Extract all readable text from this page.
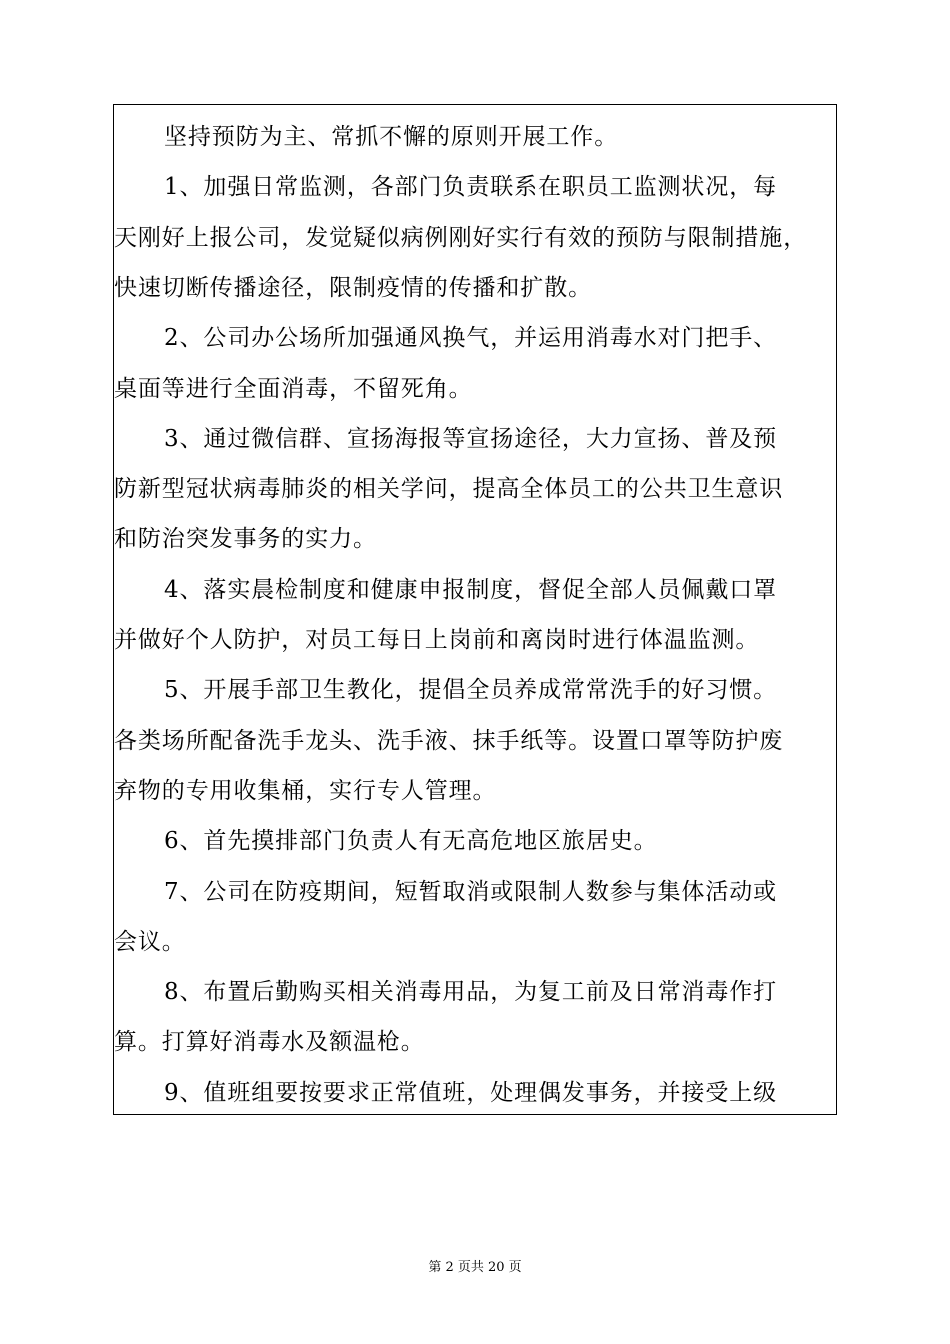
坚持预防为主、常抓不懈的原则开展工作。
1、加强日常监测，各部门负责联系在职员工监测状况，每
天刚好上报公司，发觉疑似病例刚好实行有效的预防与限制措施，
快速切断传播途径，限制疫情的传播和扩散。
2、公司办公场所加强通风换气，并运用消毒水对门把手、
桌面等进行全面消毒，不留死角。
3、通过微信群、宣扬海报等宣扬途径，大力宣扬、普及预
防新型冠状病毒肺炎的相关学问，提高全体员工的公共卫生意识
和防治突发事务的实力。
4、落实晨检制度和健康申报制度，督促全部人员佩戴口罩
并做好个人防护，对员工每日上岗前和离岗时进行体温监测。
5、开展手部卫生教化，提倡全员养成常常洗手的好习惯。
各类场所配备洗手龙头、洗手液、抹手纸等。设置口罩等防护废
弃物的专用收集桶，实行专人管理。
6、首先摸排部门负责人有无高危地区旅居史。
7、公司在防疫期间，短暂取消或限制人数参与集体活动或
会议。
8、布置后勤购买相关消毒用品，为复工前及日常消毒作打
算。打算好消毒水及额温枪。
9、值班组要按要求正常值班，处理偶发事务，并接受上级
第 2 页共 20 页
